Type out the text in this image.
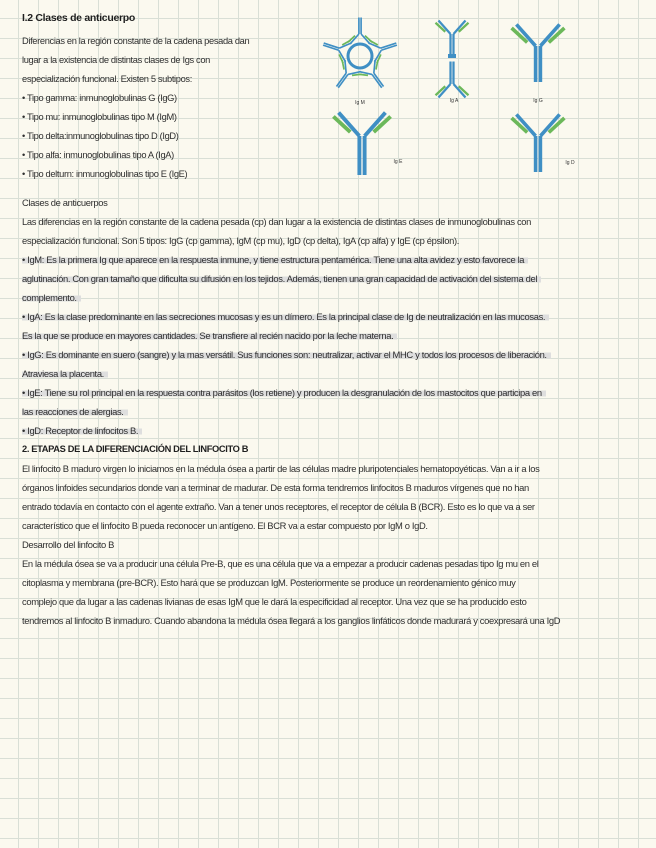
I.2 Clases de anticuerpo
Diferencias en la región constante de la cadena pesada dan
lugar a la existencia de distintas clases de Igs con
especialización funcional. Existen 5 subtipos:
• Tipo gamma: inmunoglobulinas G (IgG)
• Tipo mu: inmunoglobulinas tipo M (IgM)
• Tipo delta:inmunoglobulinas tipo D (IgD)
• Tipo alfa: inmunoglobulinas tipo A (IgA)
• Tipo delturn: inmunoglobulinas tipo E (IgE)
Ig M	Ig A	Ig G
Ig E	Ig D
Clases de anticuerpos
Las diferencias en la región constante de la cadena pesada (cp) dan lugar a la existencia de distintas clases de inmunoglobulinas con
especialización funcional. Son 5 tipos: IgG (cp gamma), IgM (cp mu), IgD (cp delta), IgA (cp alfa) y IgE (cp épsilon).
• IgM: Es la primera Ig que aparece en la respuesta inmune, y tiene estructura pentamérica. Tiene una alta avidez y esto favorece la
aglutinación. Con gran tamaño que dificulta su difusión en los tejidos. Además, tienen una gran capacidad de activación del sistema del
complemento.
• IgA: Es la clase predominante en las secreciones mucosas y es un dímero. Es la principal clase de Ig de neutralización en las mucosas.
Es la que se produce en mayores cantidades. Se transfiere al recién nacido por la leche materna.
• IgG: Es dominante en suero (sangre) y la mas versátil. Sus funciones son: neutralizar, activar el MHC y todos los procesos de liberación.
Atraviesa la placenta.
• IgE: Tiene su rol principal en la respuesta contra parásitos (los retiene) y producen la desgranulación de los mastocitos que participa en
las reacciones de alergias.
• IgD: Receptor de linfocitos B.
2. ETAPAS DE LA DIFERENCIACIÓN DEL LINFOCITO B
El linfocito B maduro virgen lo iniciamos en la médula ósea a partir de las células madre pluripotenciales hematopoyéticas. Van a ir a los
órganos linfoides secundarios donde van a terminar de madurar. De esta forma tendremos linfocitos B maduros vírgenes que no han
entrado todavía en contacto con el agente extraño. Van a tener unos receptores, el receptor de célula B (BCR). Esto es lo que va a ser
característico que el linfocito B pueda reconocer un antígeno. El BCR va a estar compuesto por IgM o IgD.
Desarrollo del linfocito B
En la médula ósea se va a producir una célula Pre-B, que es una célula que va a empezar a producir cadenas pesadas tipo Ig mu en el
citoplasma y membrana (pre-BCR). Esto hará que se produzcan IgM. Posteriormente se produce un reordenamiento génico muy
complejo que da lugar a las cadenas livianas de esas IgM que le dará la especificidad al receptor. Una vez que se ha producido esto
tendremos al linfocito B inmaduro. Cuando abandona la médula ósea llegará a los ganglios linfáticos donde madurará y coexpresará una IgD
